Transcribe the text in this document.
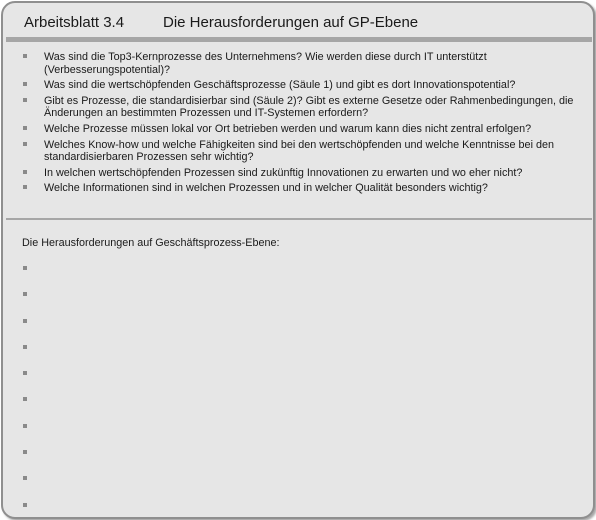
Arbeitsblatt 3.4	Die Herausforderungen auf GP-Ebene
Was sind die Top3-Kernprozesse des Unternehmens? Wie werden diese durch IT unterstützt (Verbesserungspotential)?
Was sind die wertschöpfenden Geschäftsprozesse (Säule 1) und gibt es dort Innovationspotential?
Gibt es Prozesse, die standardisierbar sind (Säule 2)? Gibt es externe Gesetze oder Rahmenbedingungen, die Änderungen an bestimmten Prozessen und IT-Systemen erfordern?
Welche Prozesse müssen lokal vor Ort betrieben werden und warum kann dies nicht zentral erfolgen?
Welches Know-how und welche Fähigkeiten sind bei den wertschöpfenden und welche Kenntnisse bei den standardisierbaren Prozessen sehr wichtig?
In welchen wertschöpfenden Prozessen sind zukünftig Innovationen zu erwarten und wo eher nicht?
Welche Informationen sind in welchen Prozessen und in welcher Qualität besonders wichtig?
Die Herausforderungen auf Geschäftsprozess-Ebene:
